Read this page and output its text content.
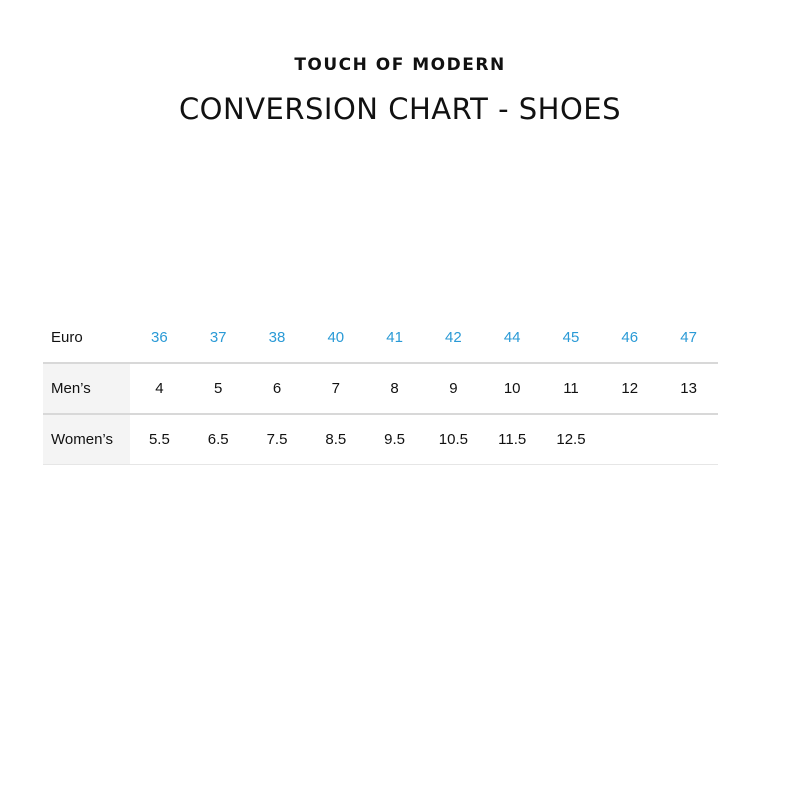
TOUCH OF MODERN
CONVERSION CHART - SHOES
Euro	36	37	38	40	41	42	44	45	46	47
Men’s	4	5	6	7	8	9	10	11	12	13
Women’s	5.5	6.5	7.5	8.5	9.5	10.5	11.5	12.5		
